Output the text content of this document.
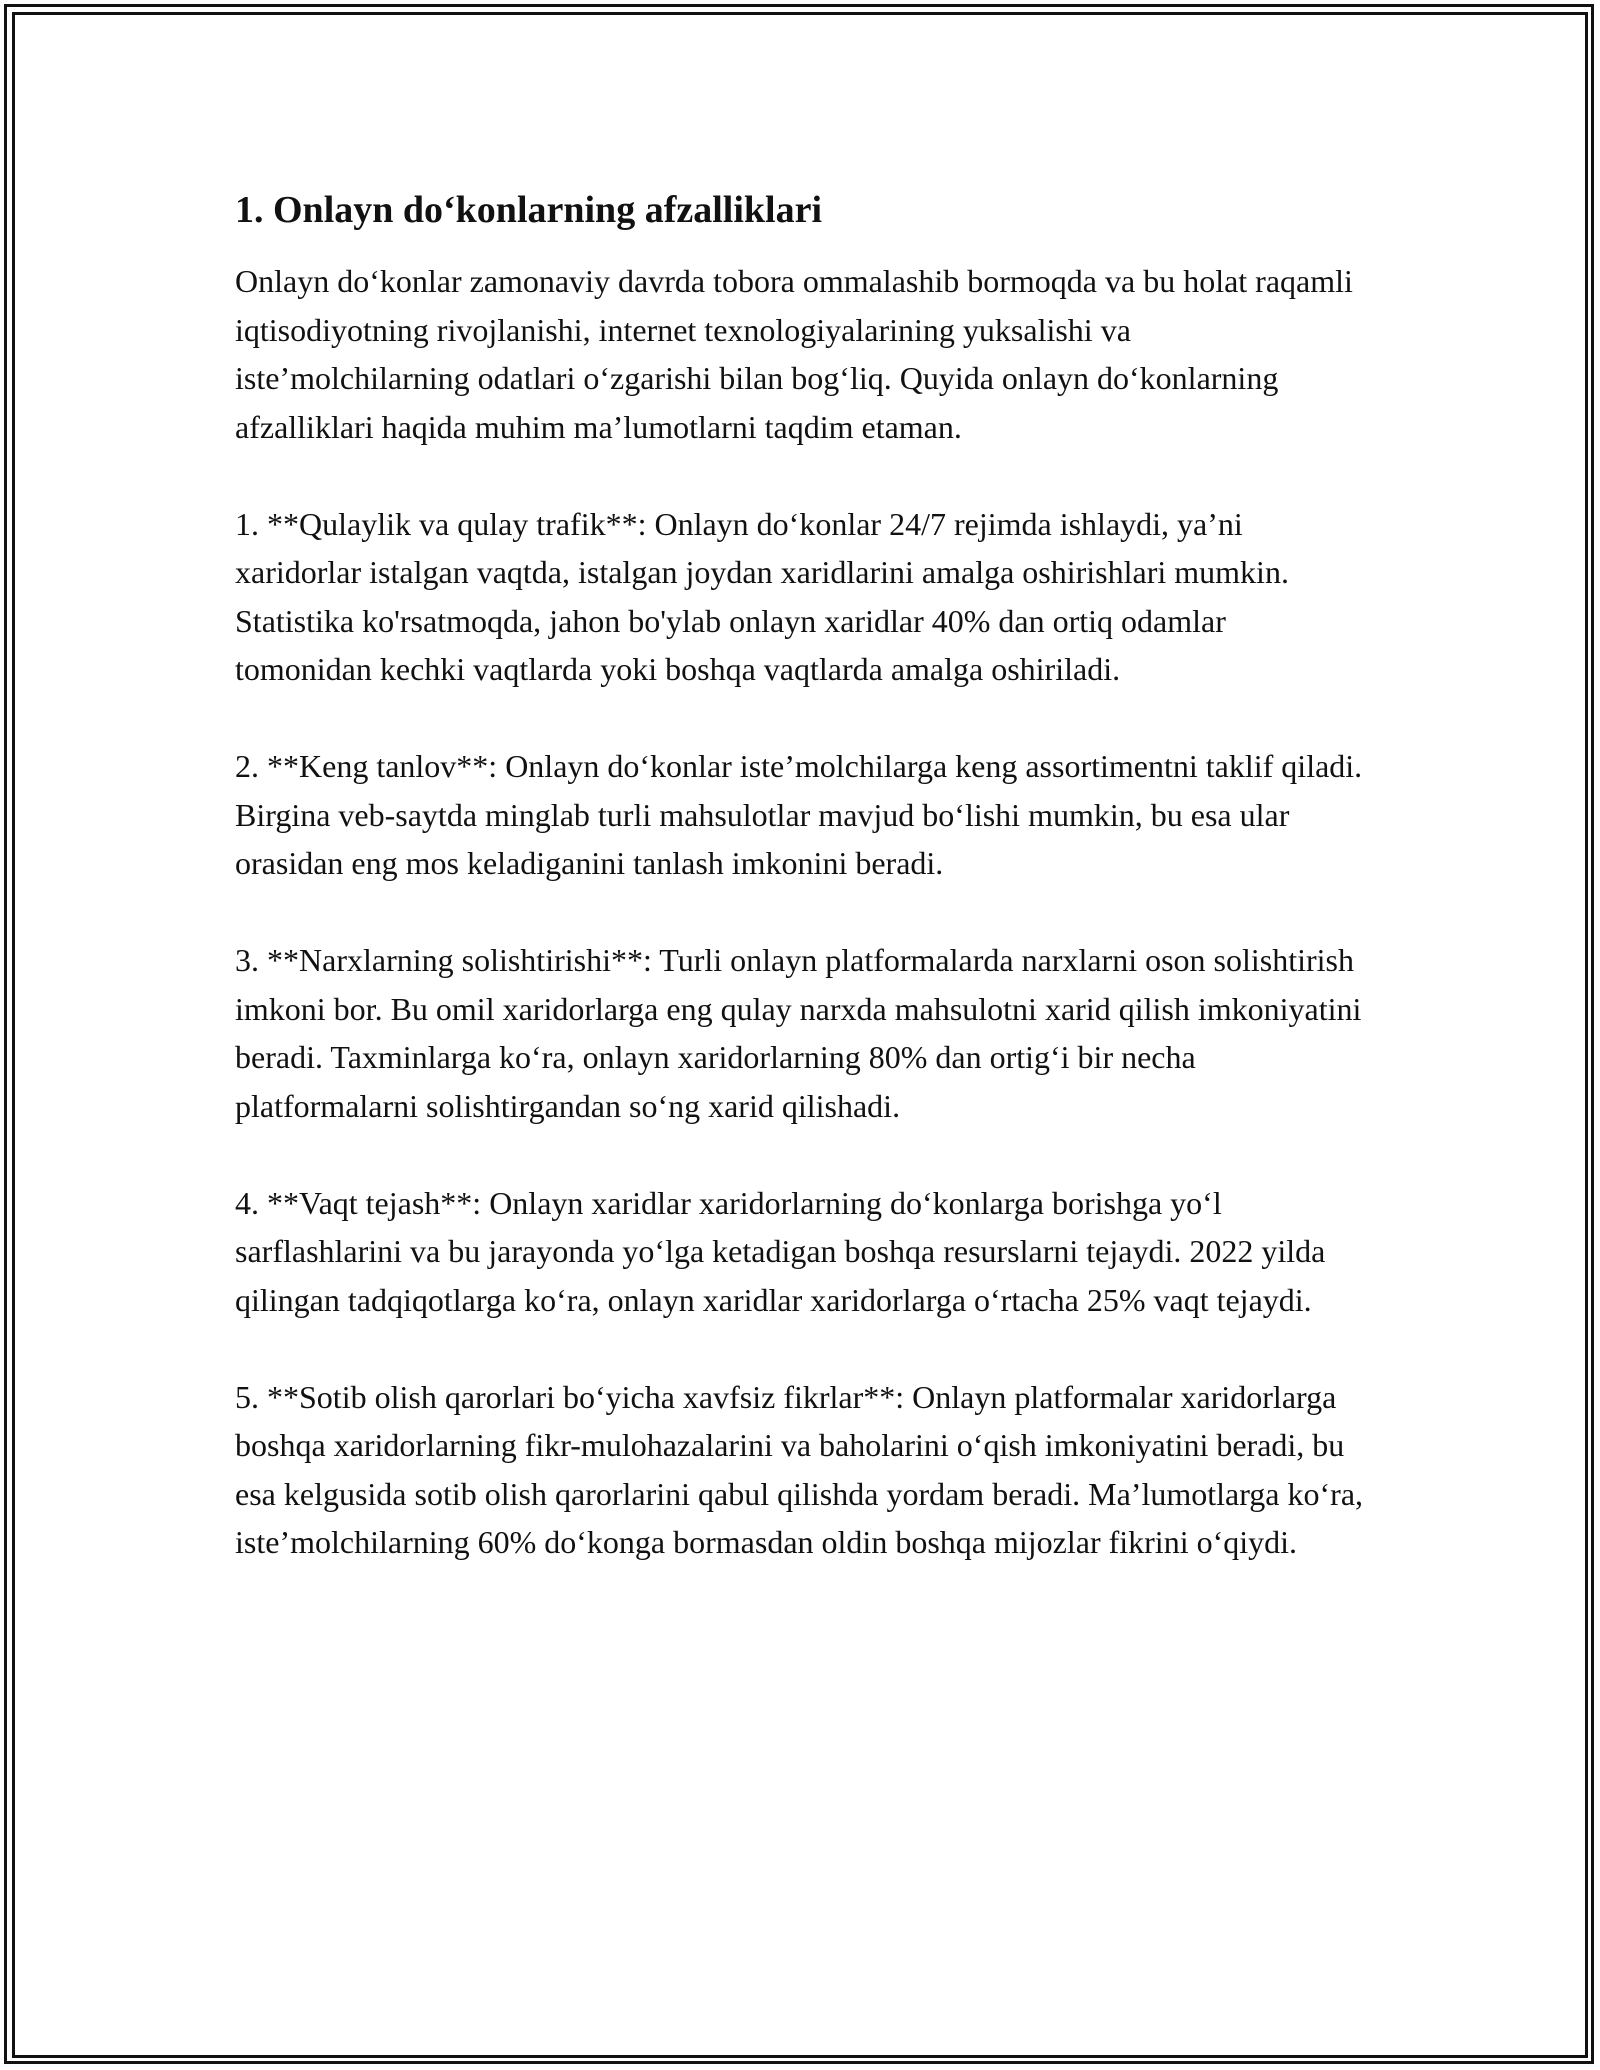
1. Onlayn do‘konlarning afzalliklari

Onlayn do‘konlar zamonaviy davrda tobora ommalashib bormoqda va bu holat raqamli iqtisodiyotning rivojlanishi, internet texnologiyalarining yuksalishi va iste’molchilarning odatlari o‘zgarishi bilan bog‘liq. Quyida onlayn do‘konlarning afzalliklari haqida muhim ma’lumotlarni taqdim etaman.

1. **Qulaylik va qulay trafik**: Onlayn do‘konlar 24/7 rejimda ishlaydi, ya’ni xaridorlar istalgan vaqtda, istalgan joydan xaridlarini amalga oshirishlari mumkin. Statistika ko'rsatmoqda, jahon bo'ylab onlayn xaridlar 40% dan ortiq odamlar tomonidan kechki vaqtlarda yoki boshqa vaqtlarda amalga oshiriladi.

2. **Keng tanlov**: Onlayn do‘konlar iste’molchilarga keng assortimentni taklif qiladi. Birgina veb-saytda minglab turli mahsulotlar mavjud bo‘lishi mumkin, bu esa ular orasidan eng mos keladiganini tanlash imkonini beradi.

3. **Narxlarning solishtirishi**: Turli onlayn platformalarda narxlarni oson solishtirish imkoni bor. Bu omil xaridorlarga eng qulay narxda mahsulotni xarid qilish imkoniyatini beradi. Taxminlarga ko‘ra, onlayn xaridorlarning 80% dan ortig‘i bir necha platformalarni solishtirgandan so‘ng xarid qilishadi.

4. **Vaqt tejash**: Onlayn xaridlar xaridorlarning do‘konlarga borishga yo‘l sarflashlarini va bu jarayonda yo‘lga ketadigan boshqa resurslarni tejaydi. 2022 yilda qilingan tadqiqotlarga ko‘ra, onlayn xaridlar xaridorlarga o‘rtacha 25% vaqt tejaydi.

5. **Sotib olish qarorlari bo‘yicha xavfsiz fikrlar**: Onlayn platformalar xaridorlarga boshqa xaridorlarning fikr-mulohazalarini va baholarini o‘qish imkoniyatini beradi, bu esa kelgusida sotib olish qarorlarini qabul qilishda yordam beradi. Ma’lumotlarga ko‘ra, iste’molchilarning 60% do‘konga bormasdan oldin boshqa mijozlar fikrini o‘qiydi.
